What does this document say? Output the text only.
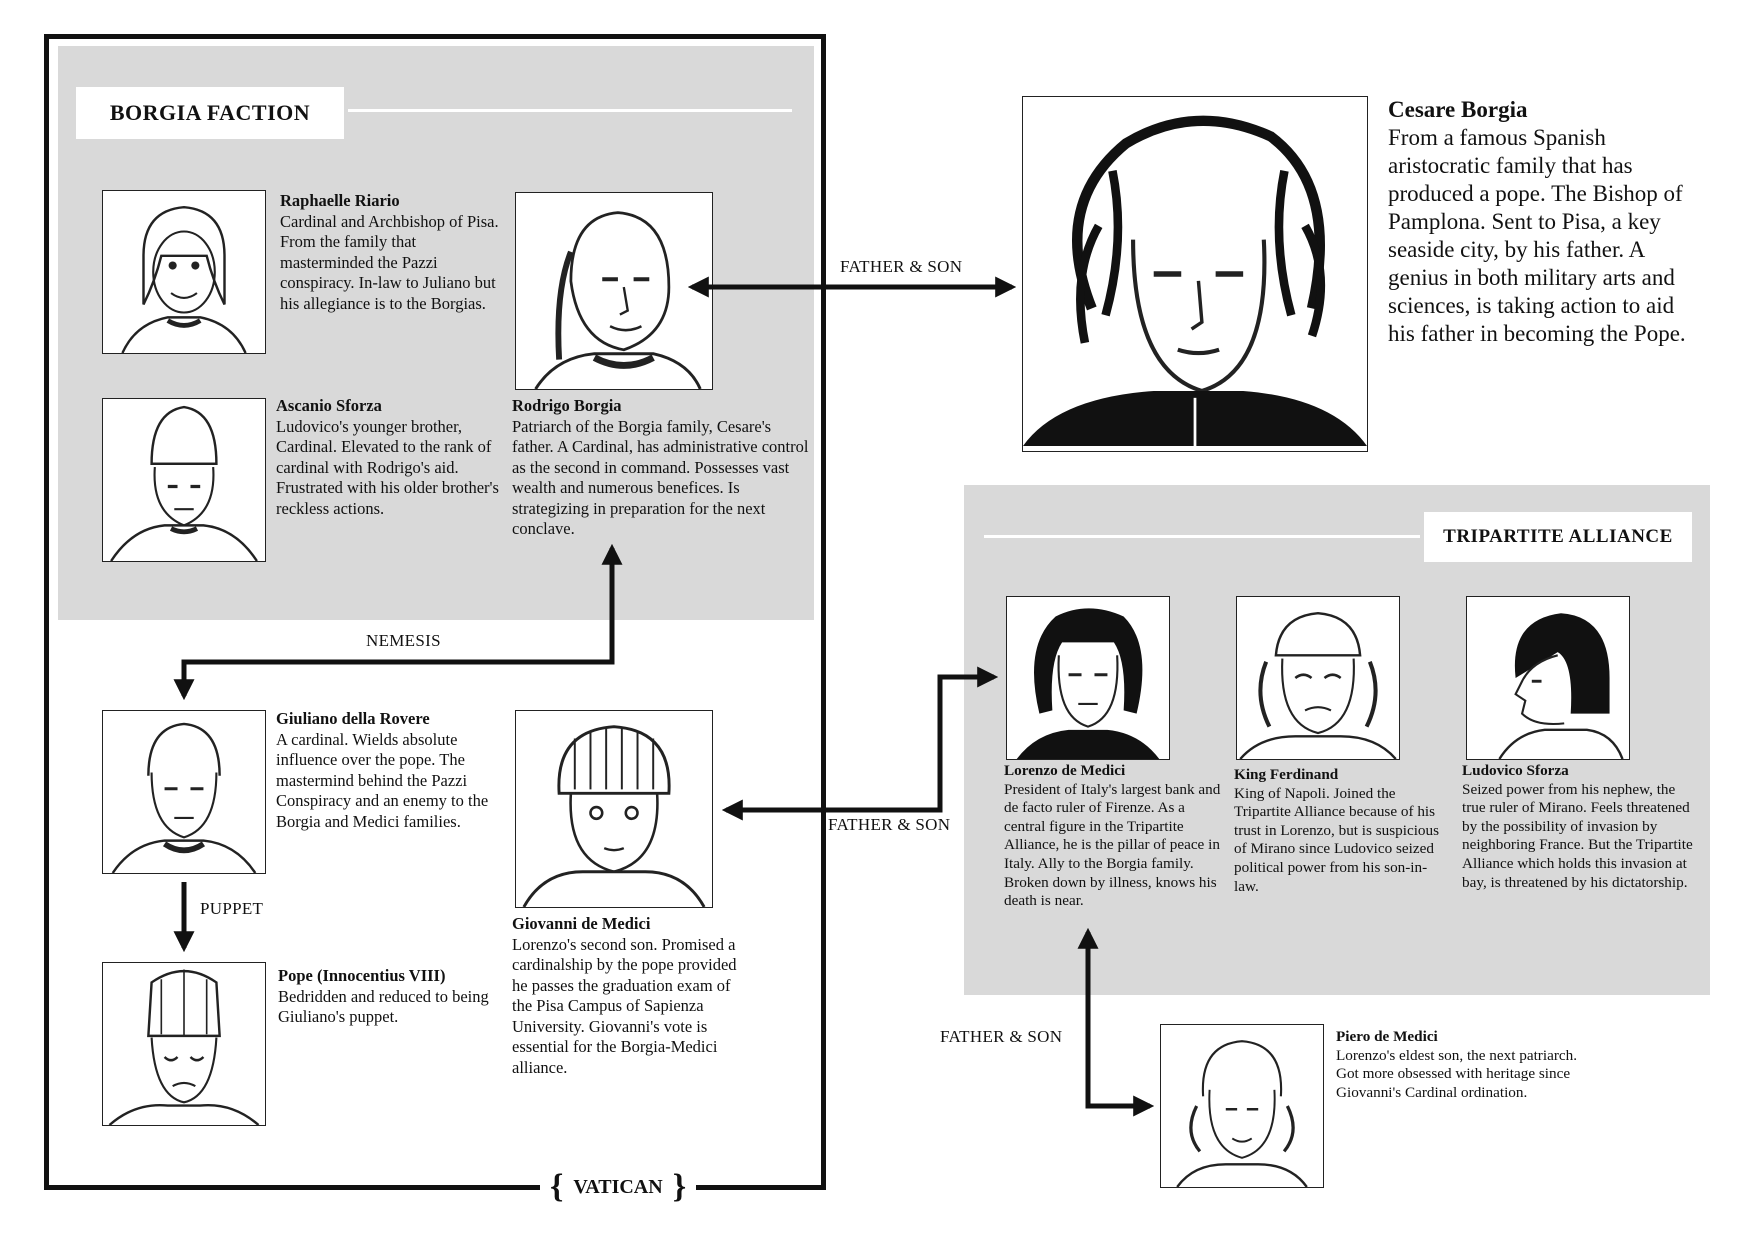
BORGIA FACTION
TRIPARTITE ALLIANCE
{ VATICAN }
Raphaelle Riario
Cardinal and Archbishop of Pisa. From the family that masterminded the Pazzi conspiracy. In-law to Juliano but his allegiance is to the Borgias.
Ascanio Sforza
Ludovico's younger brother, Cardinal. Elevated to the rank of cardinal with Rodrigo's aid. Frustrated with his older brother's reckless actions.
Rodrigo Borgia
Patriarch of the Borgia family, Cesare's father. A Cardinal, has administrative control as the second in command. Possesses vast wealth and numerous benefices. Is strategizing in preparation for the next conclave.
Cesare Borgia
From a famous Spanish aristocratic family that has produced a pope. The Bishop of Pamplona. Sent to Pisa, a key seaside city, by his father. A genius in both military arts and sciences, is taking action to aid his father in becoming the Pope.
Giuliano della Rovere
A cardinal. Wields absolute influence over the pope. The mastermind behind the Pazzi Conspiracy and an enemy to the Borgia and Medici families.
Pope (Innocentius VIII)
Bedridden and reduced to being Giuliano's puppet.
Giovanni de Medici
Lorenzo's second son. Promised a cardinalship by the pope provided he passes the graduation exam of the Pisa Campus of Sapienza University. Giovanni's vote is essential for the Borgia-Medici alliance.
Lorenzo de Medici
President of Italy's largest bank and de facto ruler of Firenze. As a central figure in the Tripartite Alliance, he is the pillar of peace in Italy. Ally to the Borgia family. Broken down by illness, knows his death is near.
King Ferdinand
King of Napoli. Joined the Tripartite Alliance because of his trust in Lorenzo, but is suspicious of Mirano since Ludovico seized political power from his son-in-law.
Ludovico Sforza
Seized power from his nephew, the true ruler of Mirano. Feels threatened by the possibility of invasion by neighboring France. But the Tripartite Alliance which holds this invasion at bay, is threatened by his dictatorship.
Piero de Medici
Lorenzo's eldest son, the next patriarch. Got more obsessed with heritage since Giovanni's Cardinal ordination.
FATHER & SON
NEMESIS
PUPPET
FATHER & SON
FATHER & SON
